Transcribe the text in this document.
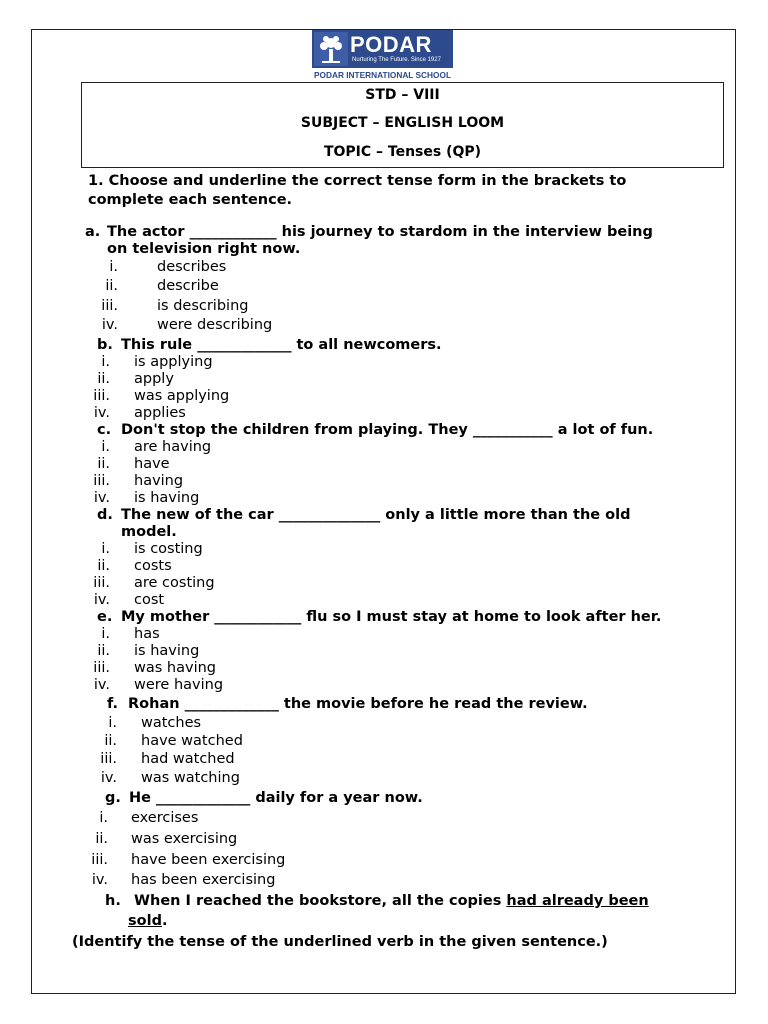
PODAR
Nurturing The Future. Since 1927
PODAR INTERNATIONAL SCHOOL
STD – VIII
SUBJECT – ENGLISH LOOM
TOPIC – Tenses (QP)
1. Choose and underline the correct tense form in the brackets to
complete each sentence.
a. The actor ____________ his journey to stardom in the interview being
on television right now.
i.	describes
ii.	describe
iii.	is describing
iv.	were describing
b. This rule _____________ to all newcomers.
i. is applying
ii. apply
iii. was applying
iv. applies
c. Don't stop the children from playing. They ___________ a lot of fun.
i. are having
ii. have
iii. having
iv. is having
d. The new of the car ______________ only a little more than the old
model.
i. is costing
ii. costs
iii. are costing
iv. cost
e. My mother ____________ flu so I must stay at home to look after her.
i. has
ii. is having
iii. was having
iv. were having
f. Rohan _____________ the movie before he read the review.
i. watches
ii. have watched
iii. had watched
iv. was watching
g. He _____________ daily for a year now.
i. exercises
ii. was exercising
iii. have been exercising
iv. has been exercising
h. When I reached the bookstore, all the copies had already been
sold.
(Identify the tense of the underlined verb in the given sentence.)
